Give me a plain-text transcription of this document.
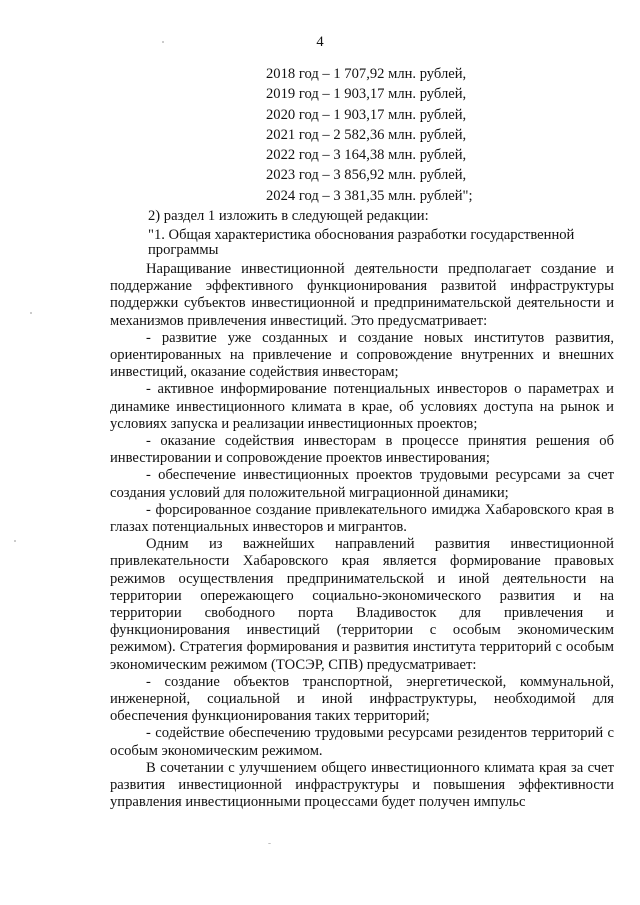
4
2018 год – 1 707,92 млн. рублей,
2019 год – 1 903,17 млн. рублей,
2020 год – 1 903,17 млн. рублей,
2021 год – 2 582,36 млн. рублей,
2022 год – 3 164,38 млн. рублей,
2023 год – 3 856,92 млн. рублей,
2024 год – 3 381,35 млн. рублей";
2) раздел 1 изложить в следующей редакции:
"1. Общая характеристика обоснования разработки государственной программы

Наращивание инвестиционной деятельности предполагает создание и поддержание эффективного функционирования развитой инфраструктуры поддержки субъектов инвестиционной и предпринимательской деятельности и механизмов привлечения инвестиций. Это предусматривает:

- развитие уже созданных и создание новых институтов развития, ориентированных на привлечение и сопровождение внутренних и внешних инвестиций, оказание содействия инвесторам;

- активное информирование потенциальных инвесторов о параметрах и динамике инвестиционного климата в крае, об условиях доступа на рынок и условиях запуска и реализации инвестиционных проектов;

- оказание содействия инвесторам в процессе принятия решения об инвестировании и сопровождение проектов инвестирования;

- обеспечение инвестиционных проектов трудовыми ресурсами за счет создания условий для положительной миграционной динамики;

- форсированное создание привлекательного имиджа Хабаровского края в глазах потенциальных инвесторов и мигрантов.

Одним из важнейших направлений развития инвестиционной привлекательности Хабаровского края является формирование правовых режимов осуществления предпринимательской и иной деятельности на территории опережающего социально-экономического развития и на территории свободного порта Владивосток для привлечения и функционирования инвестиций (территории с особым экономическим режимом). Стратегия формирования и развития института территорий с особым экономическим режимом (ТОСЭР, СПВ) предусматривает:

- создание объектов транспортной, энергетической, коммунальной, инженерной, социальной и иной инфраструктуры, необходимой для обеспечения функционирования таких территорий;

- содействие обеспечению трудовыми ресурсами резидентов территорий с особым экономическим режимом.

В сочетании с улучшением общего инвестиционного климата края за счет развития инвестиционной инфраструктуры и повышения эффективности управления инвестиционными процессами будет получен импульс
